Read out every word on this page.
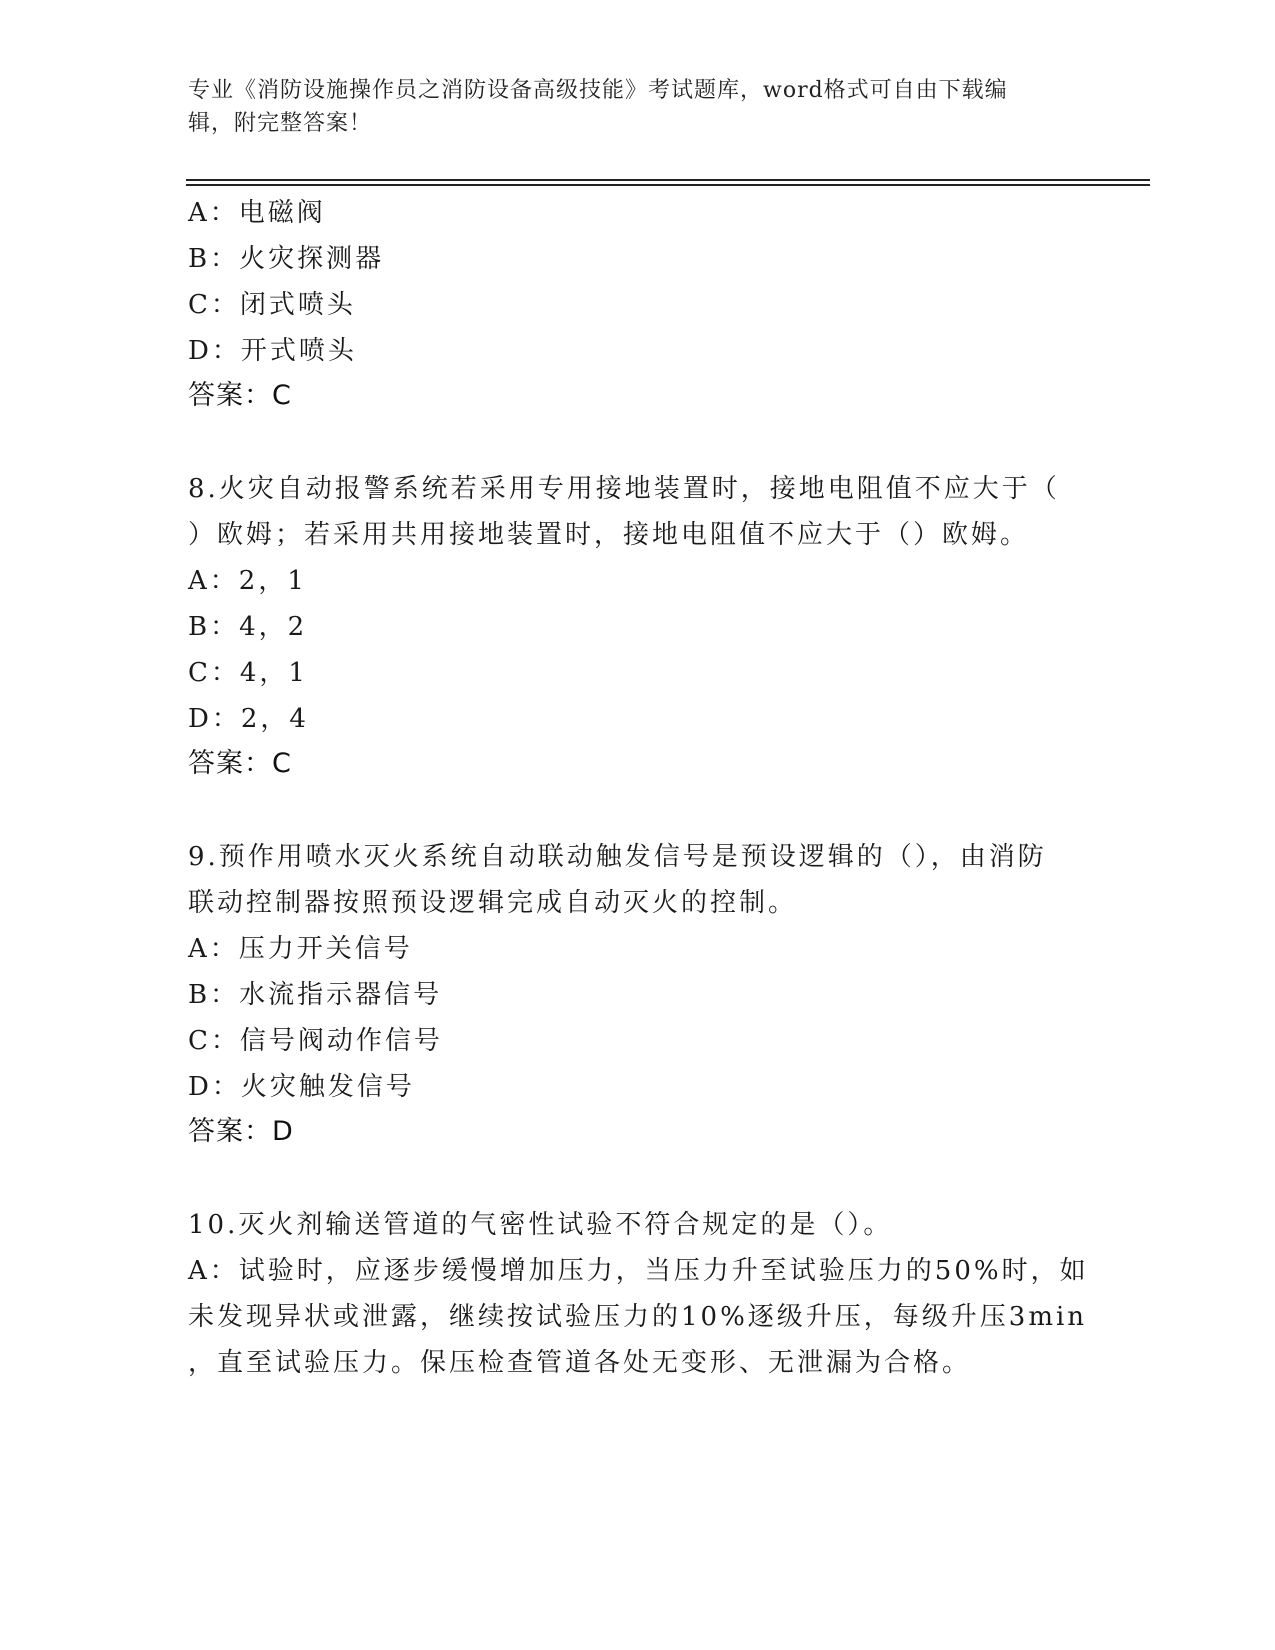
专业《消防设施操作员之消防设备高级技能》考试题库，word格式可自由下载编
辑，附完整答案！
A：电磁阀
B：火灾探测器
C：闭式喷头
D：开式喷头
答案：C
8.火灾自动报警系统若采用专用接地装置时，接地电阻值不应大于（
）欧姆；若采用共用接地装置时，接地电阻值不应大于（）欧姆。
A：2，1
B：4，2
C：4，1
D：2，4
答案：C
9.预作用喷水灭火系统自动联动触发信号是预设逻辑的（），由消防
联动控制器按照预设逻辑完成自动灭火的控制。
A：压力开关信号
B：水流指示器信号
C：信号阀动作信号
D：火灾触发信号
答案：D
10.灭火剂输送管道的气密性试验不符合规定的是（）。
A：试验时，应逐步缓慢增加压力，当压力升至试验压力的50%时，如
未发现异状或泄露，继续按试验压力的10%逐级升压，每级升压3min
，直至试验压力。保压检查管道各处无变形、无泄漏为合格。
